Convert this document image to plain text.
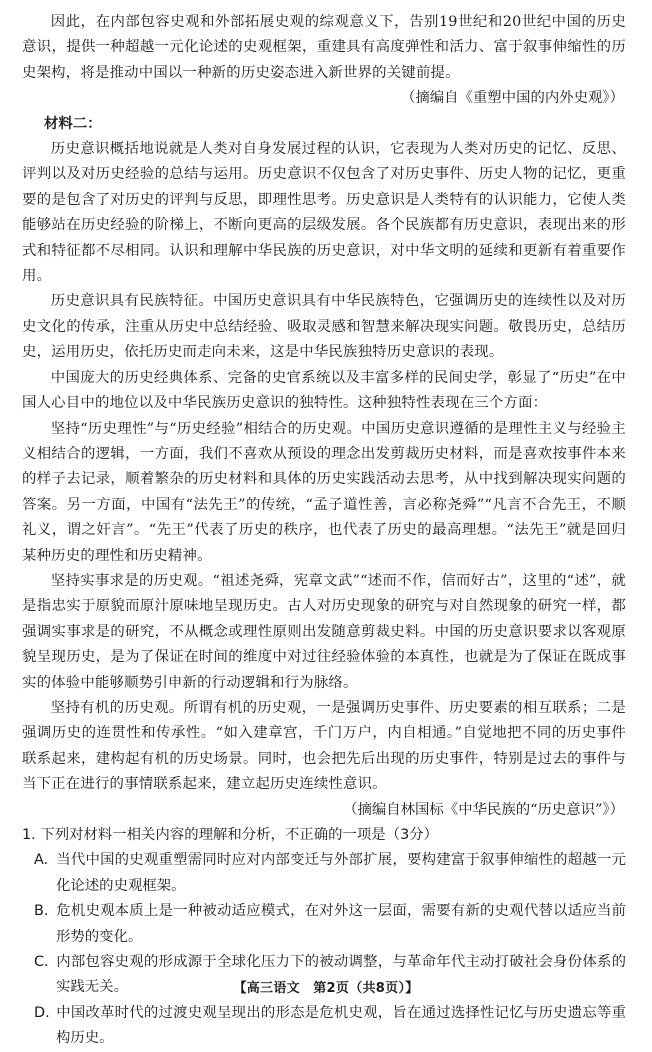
因此，在内部包容史观和外部拓展史观的综观意义下，告别19世纪和20世纪中国的历史意识，提供一种超越一元化论述的史观框架，重建具有高度弹性和活力、富于叙事伸缩性的历史架构，将是推动中国以一种新的历史姿态进入新世界的关键前提。

（摘编自《重塑中国的内外史观》）

材料二：

历史意识概括地说就是人类对自身发展过程的认识，它表现为人类对历史的记忆、反思、评判以及对历史经验的总结与运用。历史意识不仅包含了对历史事件、历史人物的记忆，更重要的是包含了对历史的评判与反思，即理性思考。历史意识是人类特有的认识能力，它使人类能够站在历史经验的阶梯上，不断向更高的层级发展。各个民族都有历史意识，表现出来的形式和特征都不尽相同。认识和理解中华民族的历史意识，对中华文明的延续和更新有着重要作用。

历史意识具有民族特征。中国历史意识具有中华民族特色，它强调历史的连续性以及对历史文化的传承，注重从历史中总结经验、吸取灵感和智慧来解决现实问题。敬畏历史，总结历史，运用历史，依托历史而走向未来，这是中华民族独特历史意识的表现。

中国庞大的历史经典体系、完备的史官系统以及丰富多样的民间史学，彰显了“历史”在中国人心目中的地位以及中华民族历史意识的独特性。这种独特性表现在三个方面：

坚持“历史理性”与“历史经验”相结合的历史观。中国历史意识遵循的是理性主义与经验主义相结合的逻辑，一方面，我们不喜欢从预设的理念出发剪裁历史材料，而是喜欢按事件本来的样子去记录，顺着繁杂的历史材料和具体的历史实践活动去思考，从中找到解决现实问题的答案。另一方面，中国有“法先王”的传统，“孟子道性善，言必称尧舜”“凡言不合先王，不顺礼义，谓之奸言”。“先王”代表了历史的秩序，也代表了历史的最高理想。“法先王”就是回归某种历史的理性和历史精神。

坚持实事求是的历史观。“祖述尧舜，宪章文武”“述而不作，信而好古”，这里的“述”，就是指忠实于原貌而原汁原味地呈现历史。古人对历史现象的研究与对自然现象的研究一样，都强调实事求是的研究，不从概念或理性原则出发随意剪裁史料。中国的历史意识要求以客观原貌呈现历史，是为了保证在时间的维度中对过往经验体验的本真性，也就是为了保证在既成事实的体验中能够顺势引申新的行动逻辑和行为脉络。

坚持有机的历史观。所谓有机的历史观，一是强调历史事件、历史要素的相互联系；二是强调历史的连贯性和传承性。“如入建章宫，千门万户，内自相通。”自觉地把不同的历史事件联系起来，建构起有机的历史场景。同时，也会把先后出现的历史事件，特别是过去的事件与当下正在进行的事情联系起来，建立起历史连续性意识。

（摘编自林国标《中华民族的“历史意识”》）

1. 下列对材料一相关内容的理解和分析，不正确的一项是（3分）

A. 当代中国的史观重塑需同时应对内部变迁与外部扩展，要构建富于叙事伸缩性的超越一元化论述的史观框架。

B. 危机史观本质上是一种被动适应模式，在对外这一层面，需要有新的史观代替以适应当前形势的变化。

C. 内部包容史观的形成源于全球化压力下的被动调整，与革命年代主动打破社会身份体系的实践无关。

D. 中国改革时代的过渡史观呈现出的形态是危机史观，旨在通过选择性记忆与历史遗忘等重构历史。

【高三语文　第2页（共8页）】
